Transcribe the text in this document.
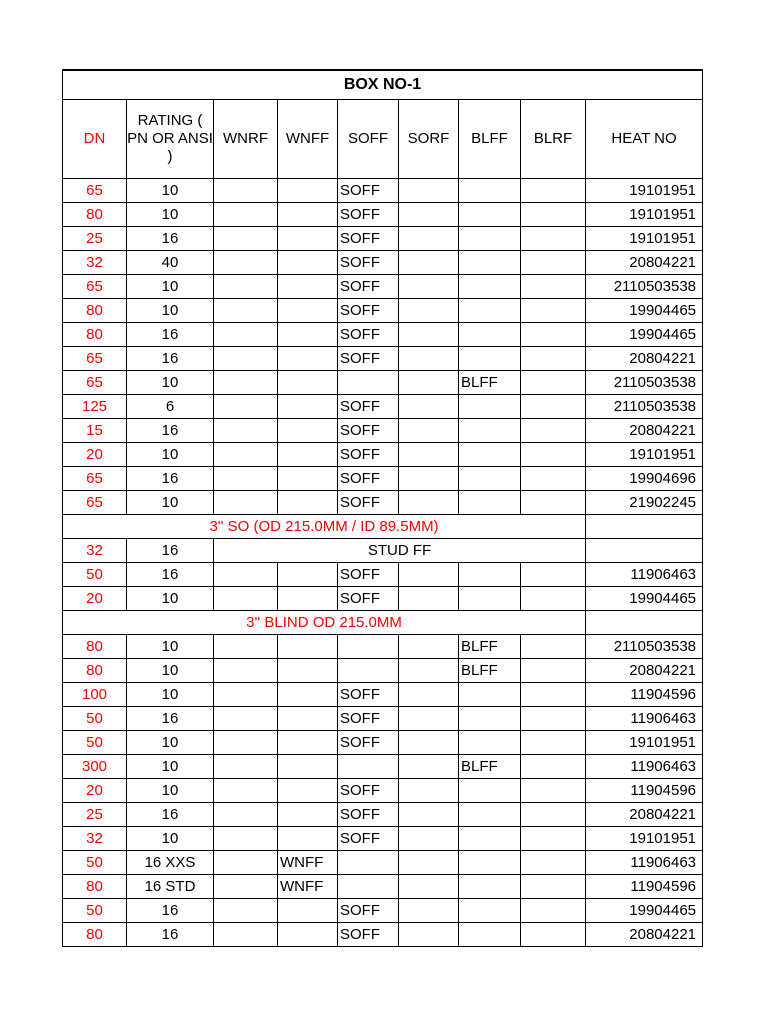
BOX NO-1									
DN	RATING ( PN OR ANSI )	WNRF	WNFF	SOFF	SORF	BLFF	BLRF	HEAT NO	
65	10			SOFF				19101951	
80	10			SOFF				19101951	
25	16			SOFF				19101951	
32	40			SOFF				20804221	
65	10			SOFF				2110503538	
80	10			SOFF				19904465	
80	16			SOFF				19904465	
65	16			SOFF				20804221	
65	10					BLFF		2110503538	
125	6			SOFF				2110503538	
15	16			SOFF				20804221	
20	10			SOFF				19101951	
65	16			SOFF				19904696	
65	10			SOFF				21902245	
3'' SO (OD 215.0MM / ID 89.5MM)									
32	16	STUD FF		
50	16			SOFF				11906463	
20	10			SOFF				19904465	
3'' BLIND OD 215.0MM									
80	10					BLFF		2110503538	
80	10					BLFF		20804221	
100	10			SOFF				11904596	
50	16			SOFF				11906463	
50	10			SOFF				19101951	
300	10					BLFF		11906463	
20	10			SOFF				11904596	
25	16			SOFF				20804221	
32	10			SOFF				19101951	
50	16 XXS		WNFF					11906463	
80	16 STD		WNFF					11904596	
50	16			SOFF				19904465	
80	16			SOFF				20804221	
